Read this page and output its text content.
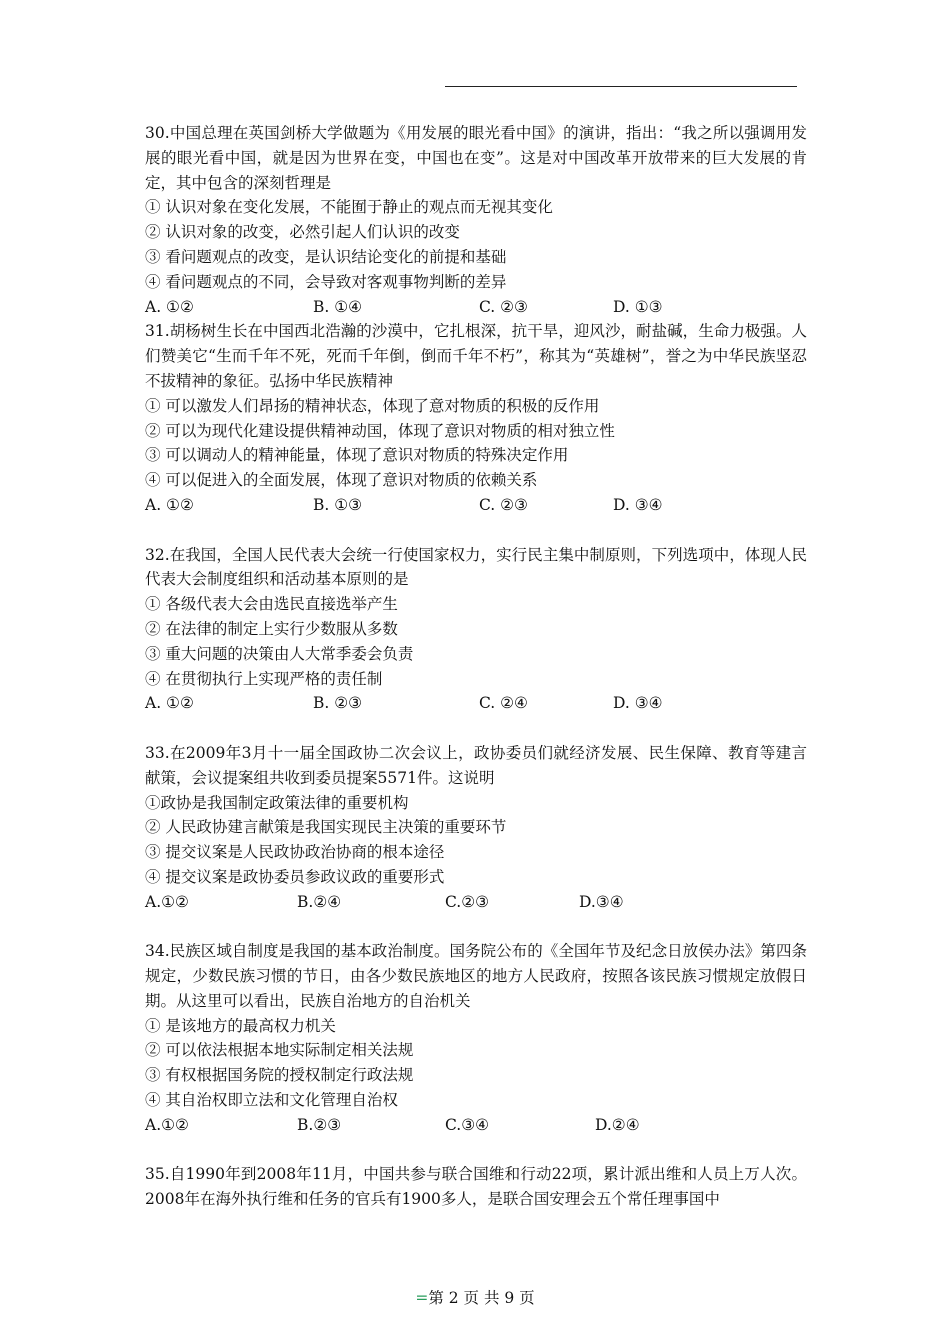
30.中国总理在英国剑桥大学做题为《用发展的眼光看中国》的演讲，指出：“我之所以强调用发展的眼光看中国，就是因为世界在变，中国也在变”。这是对中国改革开放带来的巨大发展的肯定，其中包含的深刻哲理是

① 认识对象在变化发展，不能囿于静止的观点而无视其变化

② 认识对象的改变，必然引起人们认识的改变

③ 看问题观点的改变，是认识结论变化的前提和基础

④ 看问题观点的不同，会导致对客观事物判断的差异

A. ①②	B. ①④	C. ②③	D. ①③

31.胡杨树生长在中国西北浩瀚的沙漠中，它扎根深，抗干旱，迎风沙，耐盐碱，生命力极强。人们赞美它“生而千年不死，死而千年倒，倒而千年不朽”，称其为“英雄树”，誉之为中华民族坚忍不拔精神的象征。弘扬中华民族精神

① 可以激发人们昂扬的精神状态，体现了意对物质的积极的反作用

② 可以为现代化建设提供精神动国，体现了意识对物质的相对独立性

③ 可以调动人的精神能量，体现了意识对物质的特殊决定作用

④ 可以促进入的全面发展，体现了意识对物质的依赖关系

A. ①②	B. ①③	C. ②③	D. ③④

32.在我国，全国人民代表大会统一行使国家权力，实行民主集中制原则，下列选项中，体现人民代表大会制度组织和活动基本原则的是

① 各级代表大会由选民直接选举产生

② 在法律的制定上实行少数服从多数

③ 重大问题的决策由人大常季委会负责

④ 在贯彻执行上实现严格的责任制

A. ①②	B. ②③	C. ②④	D. ③④

33.在2009年3月十一届全国政协二次会议上，政协委员们就经济发展、民生保障、教育等建言献策，会议提案组共收到委员提案5571件。这说明

①政协是我国制定政策法律的重要机构

② 人民政协建言献策是我国实现民主决策的重要环节

③ 提交议案是人民政协政治协商的根本途径

④ 提交议案是政协委员参政议政的重要形式

A.①②	B.②④	C.②③	D.③④

34.民族区域自制度是我国的基本政治制度。国务院公布的《全国年节及纪念日放侯办法》第四条规定，少数民族习惯的节日，由各少数民族地区的地方人民政府，按照各该民族习惯规定放假日期。从这里可以看出，民族自治地方的自治机关

① 是该地方的最高权力机关

② 可以依法根据本地实际制定相关法规

③ 有权根据国务院的授权制定行政法规

④ 其自治权即立法和文化管理自治权

A.①②	B.②③	C.③④	D.②④

35.自1990年到2008年11月，中国共参与联合国维和行动22项，累计派出维和人员上万人次。2008年在海外执行维和任务的官兵有1900多人，是联合国安理会五个常任理事国中

=第 2 页 共 9 页
